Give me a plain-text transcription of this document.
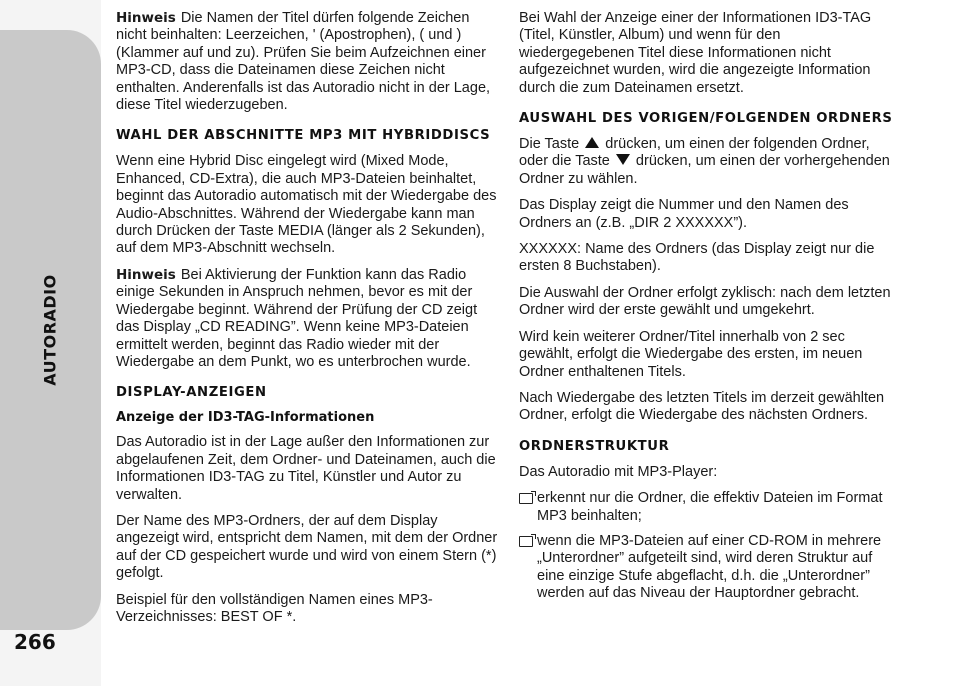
AUTORADIO
266

Hinweis Die Namen der Titel dürfen folgende Zeichen nicht beinhalten: Leerzeichen, ' (Apostrophen), ( und ) (Klammer auf und zu). Prüfen Sie beim Aufzeichnen einer MP3-CD, dass die Dateinamen diese Zeichen nicht enthalten. Anderenfalls ist das Autoradio nicht in der Lage, diese Titel wiederzugeben.

WAHL DER ABSCHNITTE MP3 MIT HYBRIDDISCS

Wenn eine Hybrid Disc eingelegt wird (Mixed Mode, Enhanced, CD-Extra), die auch MP3-Dateien beinhaltet, beginnt das Autoradio automatisch mit der Wiedergabe des Audio-Abschnittes. Während der Wiedergabe kann man durch Drücken der Taste MEDIA (länger als 2 Sekunden), auf dem MP3-Abschnitt wechseln.

Hinweis Bei Aktivierung der Funktion kann das Radio einige Sekunden in Anspruch nehmen, bevor es mit der Wiedergabe beginnt. Während der Prüfung der CD zeigt das Display „CD READING”. Wenn keine MP3-Dateien ermittelt werden, beginnt das Radio wieder mit der Wiedergabe an dem Punkt, wo es unterbrochen wurde.

DISPLAY-ANZEIGEN
Anzeige der ID3-TAG-Informationen

Das Autoradio ist in der Lage außer den Informationen zur abgelaufenen Zeit, dem Ordner- und Dateinamen, auch die Informationen ID3-TAG zu Titel, Künstler und Autor zu verwalten.

Der Name des MP3-Ordners, der auf dem Display angezeigt wird, entspricht dem Namen, mit dem der Ordner auf der CD gespeichert wurde und wird von einem Stern (*) gefolgt.

Beispiel für den vollständigen Namen eines MP3-Verzeichnisses: BEST OF *.

Bei Wahl der Anzeige einer der Informationen ID3-TAG (Titel, Künstler, Album) und wenn für den wiedergegebenen Titel diese Informationen nicht aufgezeichnet wurden, wird die angezeigte Information durch die zum Dateinamen ersetzt.

AUSWAHL DES VORIGEN/FOLGENDEN ORDNERS

Die Taste drücken, um einen der folgenden Ordner, oder die Taste drücken, um einen der vorhergehenden Ordner zu wählen.

Das Display zeigt die Nummer und den Namen des Ordners an (z.B. „DIR 2 XXXXXX”).

XXXXXX: Name des Ordners (das Display zeigt nur die ersten 8 Buchstaben).

Die Auswahl der Ordner erfolgt zyklisch: nach dem letzten Ordner wird der erste gewählt und umgekehrt.

Wird kein weiterer Ordner/Titel innerhalb von 2 sec gewählt, erfolgt die Wiedergabe des ersten, im neuen Ordner enthaltenen Titels.

Nach Wiedergabe des letzten Titels im derzeit gewählten Ordner, erfolgt die Wiedergabe des nächsten Ordners.

ORDNERSTRUKTUR

Das Autoradio mit MP3-Player:

erkennt nur die Ordner, die effektiv Dateien im Format MP3 beinhalten;
wenn die MP3-Dateien auf einer CD-ROM in mehrere „Unterordner” aufgeteilt sind, wird deren Struktur auf eine einzige Stufe abgeflacht, d.h. die „Unterordner” werden auf das Niveau der Hauptordner gebracht.
